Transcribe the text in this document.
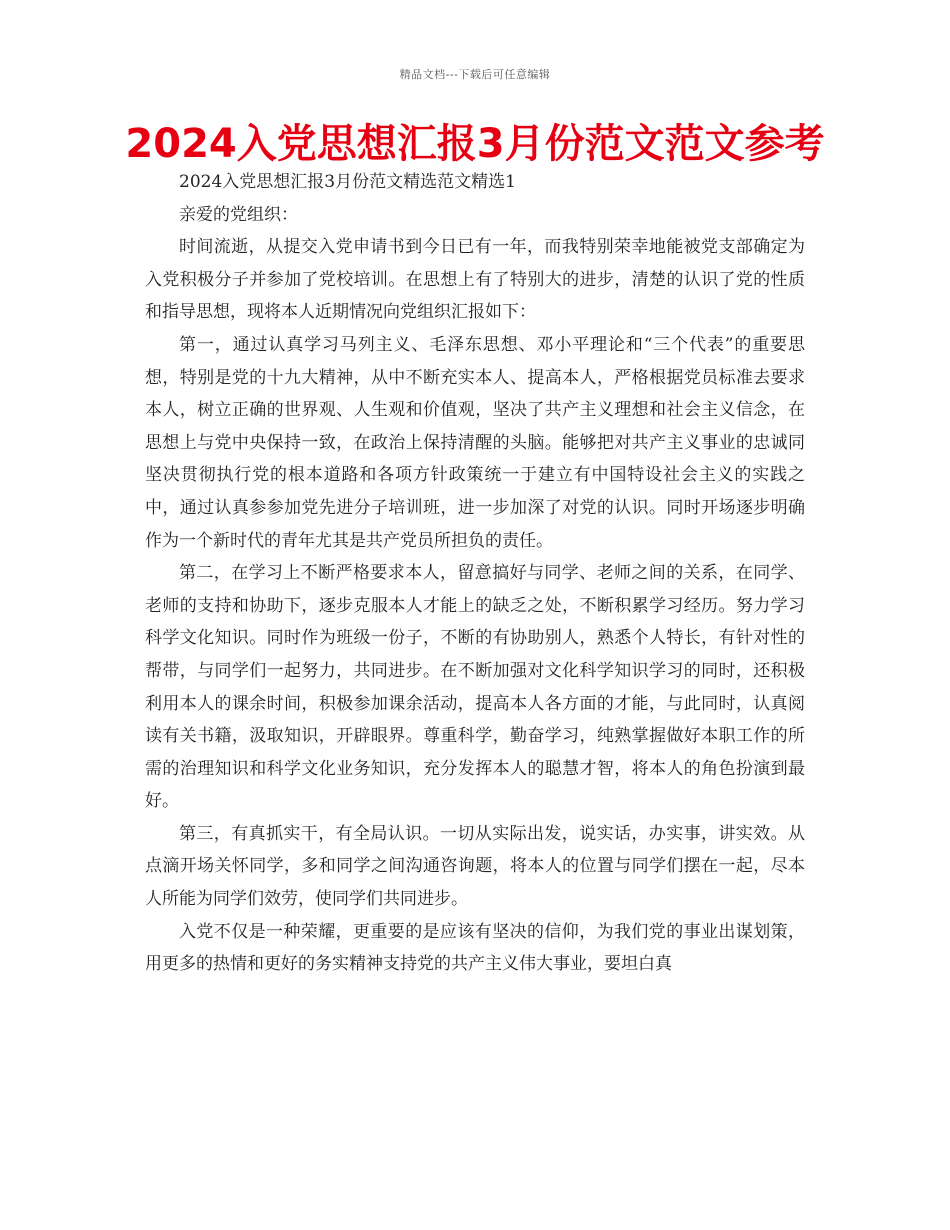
精品文档---下载后可任意编辑
2024入党思想汇报3月份范文范文参考

2024入党思想汇报3月份范文精选范文精选1

亲爱的党组织：

时间流逝，从提交入党申请书到今日已有一年，而我特别荣幸地能被党支部确定为入党积极分子并参加了党校培训。在思想上有了特别大的进步，清楚的认识了党的性质和指导思想，现将本人近期情况向党组织汇报如下：

第一，通过认真学习马列主义、毛泽东思想、邓小平理论和“三个代表”的重要思想，特别是党的十九大精神，从中不断充实本人、提高本人，严格根据党员标准去要求本人，树立正确的世界观、人生观和价值观，坚决了共产主义理想和社会主义信念，在思想上与党中央保持一致，在政治上保持清醒的头脑。能够把对共产主义事业的忠诚同坚决贯彻执行党的根本道路和各项方针政策统一于建立有中国特设社会主义的实践之中，通过认真参参加党先进分子培训班，进一步加深了对党的认识。同时开场逐步明确作为一个新时代的青年尤其是共产党员所担负的责任。

第二，在学习上不断严格要求本人，留意搞好与同学、老师之间的关系，在同学、老师的支持和协助下，逐步克服本人才能上的缺乏之处，不断积累学习经历。努力学习科学文化知识。同时作为班级一份子，不断的有协助别人，熟悉个人特长，有针对性的帮带，与同学们一起努力，共同进步。在不断加强对文化科学知识学习的同时，还积极利用本人的课余时间，积极参加课余活动，提高本人各方面的才能，与此同时，认真阅读有关书籍，汲取知识，开辟眼界。尊重科学，勤奋学习，纯熟掌握做好本职工作的所需的治理知识和科学文化业务知识，充分发挥本人的聪慧才智，将本人的角色扮演到最好。

第三，有真抓实干，有全局认识。一切从实际出发，说实话，办实事，讲实效。从点滴开场关怀同学，多和同学之间沟通咨询题，将本人的位置与同学们摆在一起，尽本人所能为同学们效劳，使同学们共同进步。

入党不仅是一种荣耀，更重要的是应该有坚决的信仰，为我们党的事业出谋划策，用更多的热情和更好的务实精神支持党的共产主义伟大事业，要坦白真
